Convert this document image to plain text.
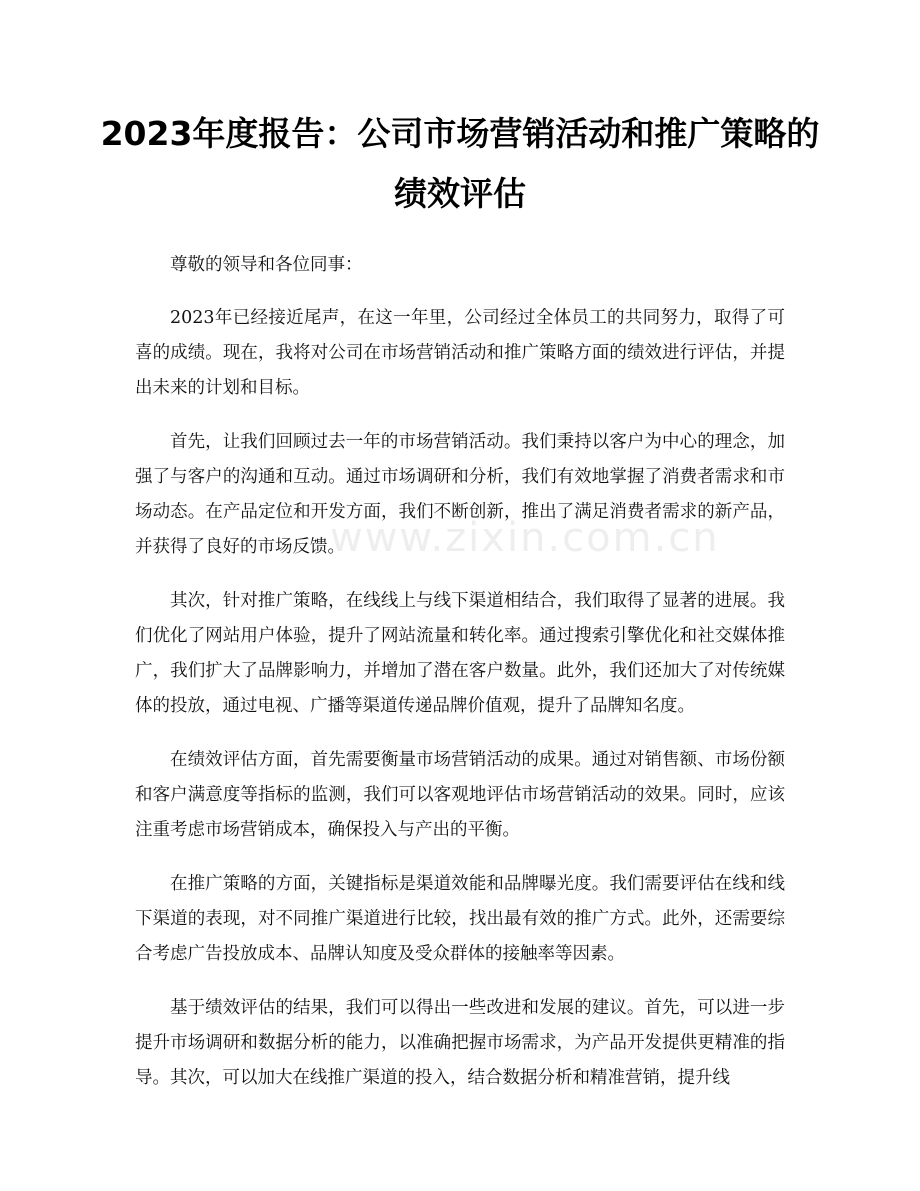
2023年度报告：公司市场营销活动和推广策略的绩效评估

尊敬的领导和各位同事：

2023年已经接近尾声，在这一年里，公司经过全体员工的共同努力，取得了可喜的成绩。现在，我将对公司在市场营销活动和推广策略方面的绩效进行评估，并提出未来的计划和目标。

首先，让我们回顾过去一年的市场营销活动。我们秉持以客户为中心的理念，加强了与客户的沟通和互动。通过市场调研和分析，我们有效地掌握了消费者需求和市场动态。在产品定位和开发方面，我们不断创新，推出了满足消费者需求的新产品，并获得了良好的市场反馈。

其次，针对推广策略，在线线上与线下渠道相结合，我们取得了显著的进展。我们优化了网站用户体验，提升了网站流量和转化率。通过搜索引擎优化和社交媒体推广，我们扩大了品牌影响力，并增加了潜在客户数量。此外，我们还加大了对传统媒体的投放，通过电视、广播等渠道传递品牌价值观，提升了品牌知名度。

在绩效评估方面，首先需要衡量市场营销活动的成果。通过对销售额、市场份额和客户满意度等指标的监测，我们可以客观地评估市场营销活动的效果。同时，应该注重考虑市场营销成本，确保投入与产出的平衡。

在推广策略的方面，关键指标是渠道效能和品牌曝光度。我们需要评估在线和线下渠道的表现，对不同推广渠道进行比较，找出最有效的推广方式。此外，还需要综合考虑广告投放成本、品牌认知度及受众群体的接触率等因素。

基于绩效评估的结果，我们可以得出一些改进和发展的建议。首先，可以进一步提升市场调研和数据分析的能力，以准确把握市场需求，为产品开发提供更精准的指导。其次，可以加大在线推广渠道的投入，结合数据分析和精准营销，提升线

www.zixin.com.cn
